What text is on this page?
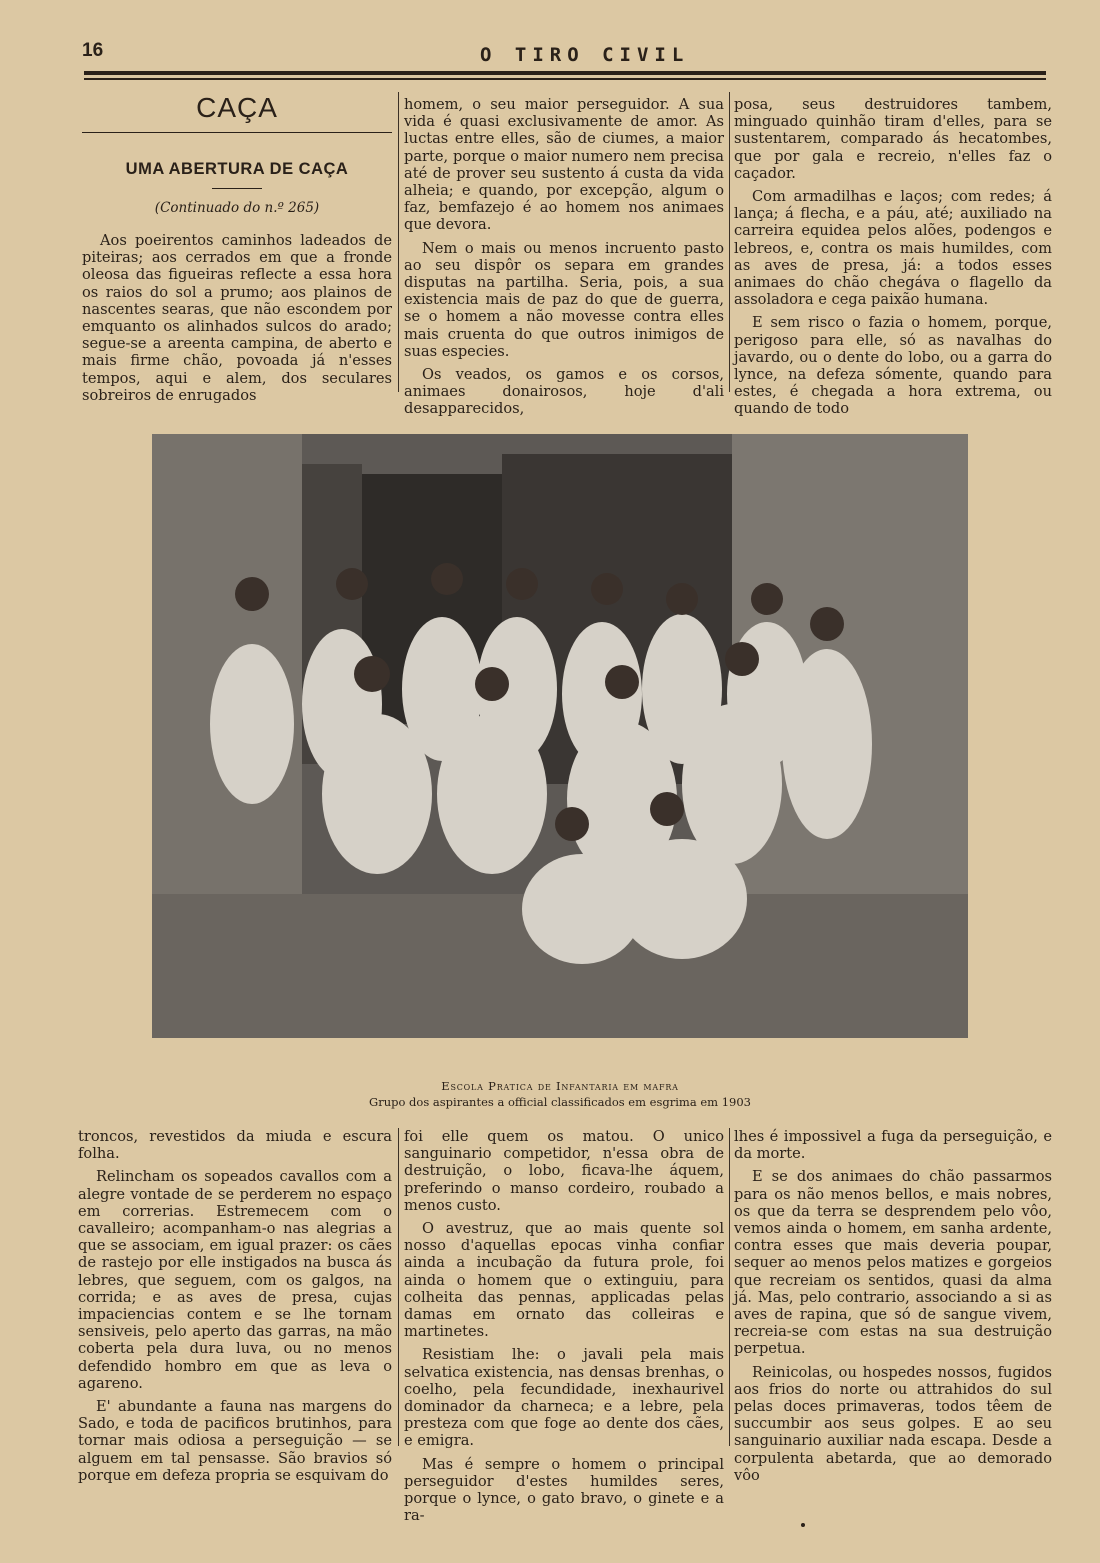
16	O TIRO CIVIL
CAÇA
UMA ABERTURA DE CAÇA
(Continuado do n.º 265)

Aos poeirentos caminhos ladeados de piteiras; aos cerrados em que a fronde oleosa das figueiras reflecte a essa hora os raios do sol a prumo; aos plainos de nascentes searas, que não escondem por emquanto os alinhados sulcos do arado; segue-se a areenta campina, de aberto e mais firme chão, povoada já n'esses tempos, aqui e alem, dos seculares sobreiros de enrugados

homem, o seu maior perseguidor. A sua vida é quasi exclusivamente de amor. As luctas entre elles, são de ciumes, a maior parte, porque o maior numero nem precisa até de prover seu sustento á custa da vida alheia; e quando, por excepção, algum o faz, bemfazejo é ao homem nos animaes que devora.

Nem o mais ou menos incruento pasto ao seu dispôr os separa em grandes disputas na partilha. Seria, pois, a sua existencia mais de paz do que de guerra, se o homem a não movesse contra elles mais cruenta do que outros inimigos de suas especies.

Os veados, os gamos e os corsos, animaes donairosos, hoje d'ali desapparecidos,

posa, seus destruidores tambem, minguado quinhão tiram d'elles, para se sustentarem, comparado ás hecatombes, que por gala e recreio, n'elles faz o caçador.

Com armadilhas e laços; com redes; á lança; á flecha, e a páu, até; auxiliado na carreira equidea pelos alões, podengos e lebreos, e, contra os mais humildes, com as aves de presa, já: a todos esses animaes do chão chegáva o flagello da assoladora e cega paixão humana.

E sem risco o fazia o homem, porque, perigoso para elle, só as navalhas do javardo, ou o dente do lobo, ou a garra do lynce, na defeza sómente, quando para estes, é chegada a hora extrema, ou quando de todo

Escola Pratica de Infantaria em mafra
Grupo dos aspirantes a official classificados em esgrima em 1903

troncos, revestidos da miuda e escura folha.

Relincham os sopeados cavallos com a alegre vontade de se perderem no espaço em correrias. Estremecem com o cavalleiro; acompanham-o nas alegrias a que se associam, em igual prazer: os cães de rastejo por elle instigados na busca ás lebres, que seguem, com os galgos, na corrida; e as aves de presa, cujas impaciencias contem e se lhe tornam sensiveis, pelo aperto das garras, na mão coberta pela dura luva, ou no menos defendido hombro em que as leva o agareno.

E' abundante a fauna nas margens do Sado, e toda de pacificos brutinhos, para tornar mais odiosa a perseguição — se alguem em tal pensasse. São bravios só porque em defeza propria se esquivam do

foi elle quem os matou. O unico sanguinario competidor, n'essa obra de destruição, o lobo, ficava-lhe áquem, preferindo o manso cordeiro, roubado a menos custo.

O avestruz, que ao mais quente sol nosso d'aquellas epocas vinha confiar ainda a incubação da futura prole, foi ainda o homem que o extinguiu, para colheita das pennas, applicadas pelas damas em ornato das colleiras e martinetes.

Resistiam lhe: o javali pela mais selvatica existencia, nas densas brenhas, o coelho, pela fecundidade, inexhaurivel dominador da charneca; e a lebre, pela presteza com que foge ao dente dos cães, e emigra.

Mas é sempre o homem o principal perseguidor d'estes humildes seres, porque o lynce, o gato bravo, o ginete e a ra-

lhes é impossivel a fuga da perseguição, e da morte.

E se dos animaes do chão passarmos para os não menos bellos, e mais nobres, os que da terra se desprendem pelo vôo, vemos ainda o homem, em sanha ardente, contra esses que mais deveria poupar, sequer ao menos pelos matizes e gorgeios que recreiam os sentidos, quasi da alma já. Mas, pelo contrario, associando a si as aves de rapina, que só de sangue vivem, recreia-se com estas na sua destruição perpetua.

Reinicolas, ou hospedes nossos, fugidos aos frios do norte ou attrahidos do sul pelas doces primaveras, todos têem de succumbir aos seus golpes. E ao seu sanguinario auxiliar nada escapa. Desde a corpulenta abetarda, que ao demorado vôo
